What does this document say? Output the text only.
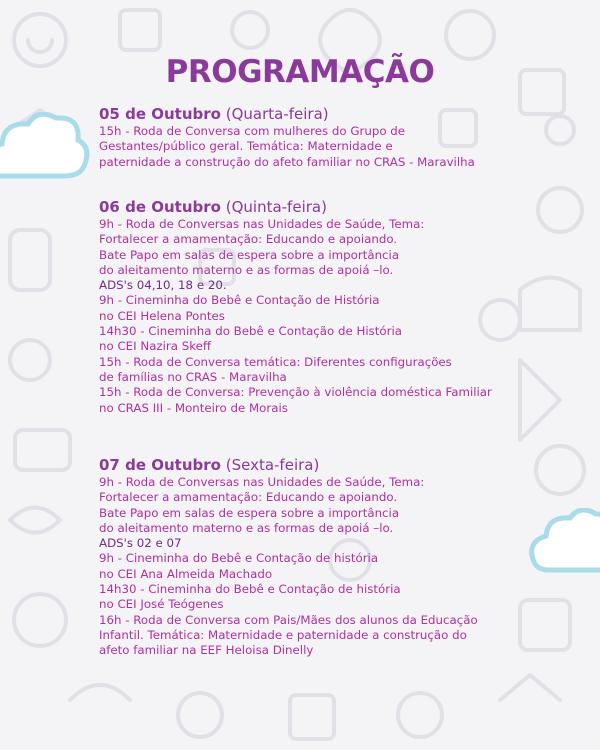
PROGRAMAÇÃO
05 de Outubro (Quarta-feira)
15h - Roda de Conversa com mulheres do Grupo de
Gestantes/público geral. Temática: Maternidade e
paternidade a construção do afeto familiar no CRAS - Maravilha
06 de Outubro (Quinta-feira)
9h - Roda de Conversas nas Unidades de Saúde, Tema:
Fortalecer a amamentação: Educando e apoiando.
Bate Papo em salas de espera sobre a importância
do aleitamento materno e as formas de apoiá –lo.
ADS's 04,10, 18 e 20.
9h - Cineminha do Bebê e Contação de História
no CEI Helena Pontes
14h30 - Cineminha do Bebê e Contação de História
no CEI Nazira Skeff
15h - Roda de Conversa temática: Diferentes configurações
de famílias no CRAS - Maravilha
15h - Roda de Conversa: Prevenção à violência doméstica Familiar
no CRAS III - Monteiro de Morais
07 de Outubro (Sexta-feira)
9h - Roda de Conversas nas Unidades de Saúde, Tema:
Fortalecer a amamentação: Educando e apoiando.
Bate Papo em salas de espera sobre a importância
do aleitamento materno e as formas de apoiá –lo.
ADS's 02 e 07
9h - Cineminha do Bebê e Contação de história
no CEI Ana Almeida Machado
14h30 - Cineminha do Bebê e Contação de história
no CEI José Teógenes
16h - Roda de Conversa com Pais/Mães dos alunos da Educação
Infantil. Temática: Maternidade e paternidade a construção do
afeto familiar na EEF Heloisa Dinelly
